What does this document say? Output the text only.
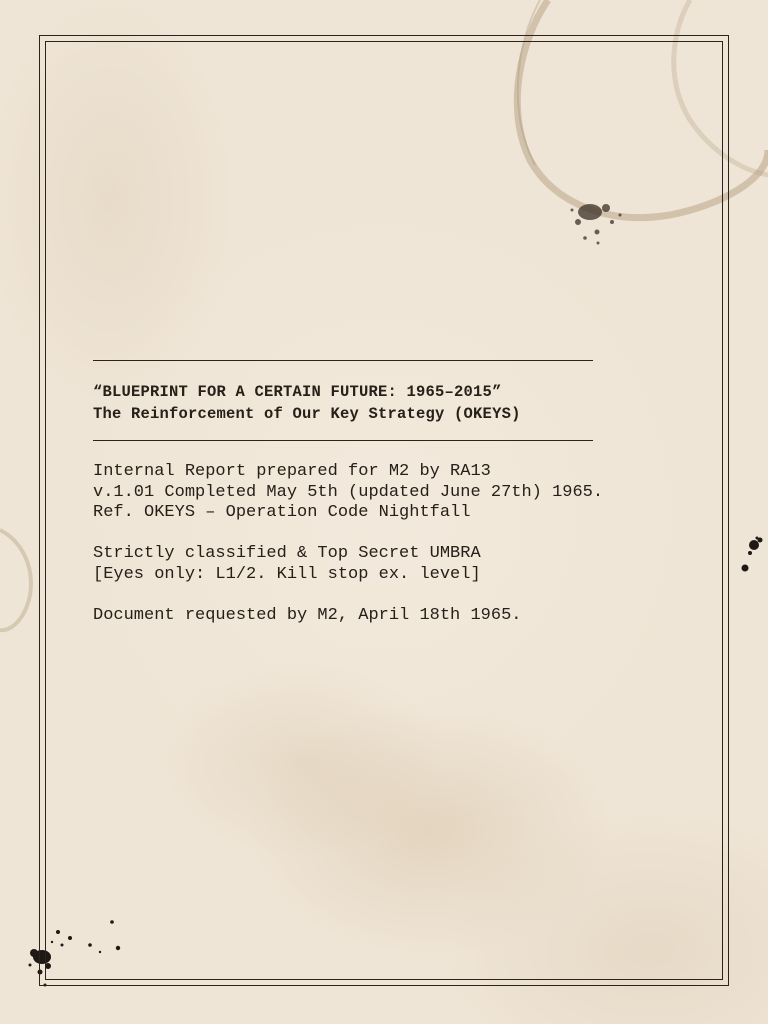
“BLUEPRINT FOR A CERTAIN FUTURE: 1965–2015”
The Reinforcement of Our Key Strategy (OKEYS)
Internal Report prepared for M2 by RA13
v.1.01 Completed May 5th (updated June 27th) 1965.
Ref. OKEYS – Operation Code Nightfall
Strictly classified & Top Secret UMBRA
[Eyes only: L1/2. Kill stop ex. level]
Document requested by M2, April 18th 1965.
